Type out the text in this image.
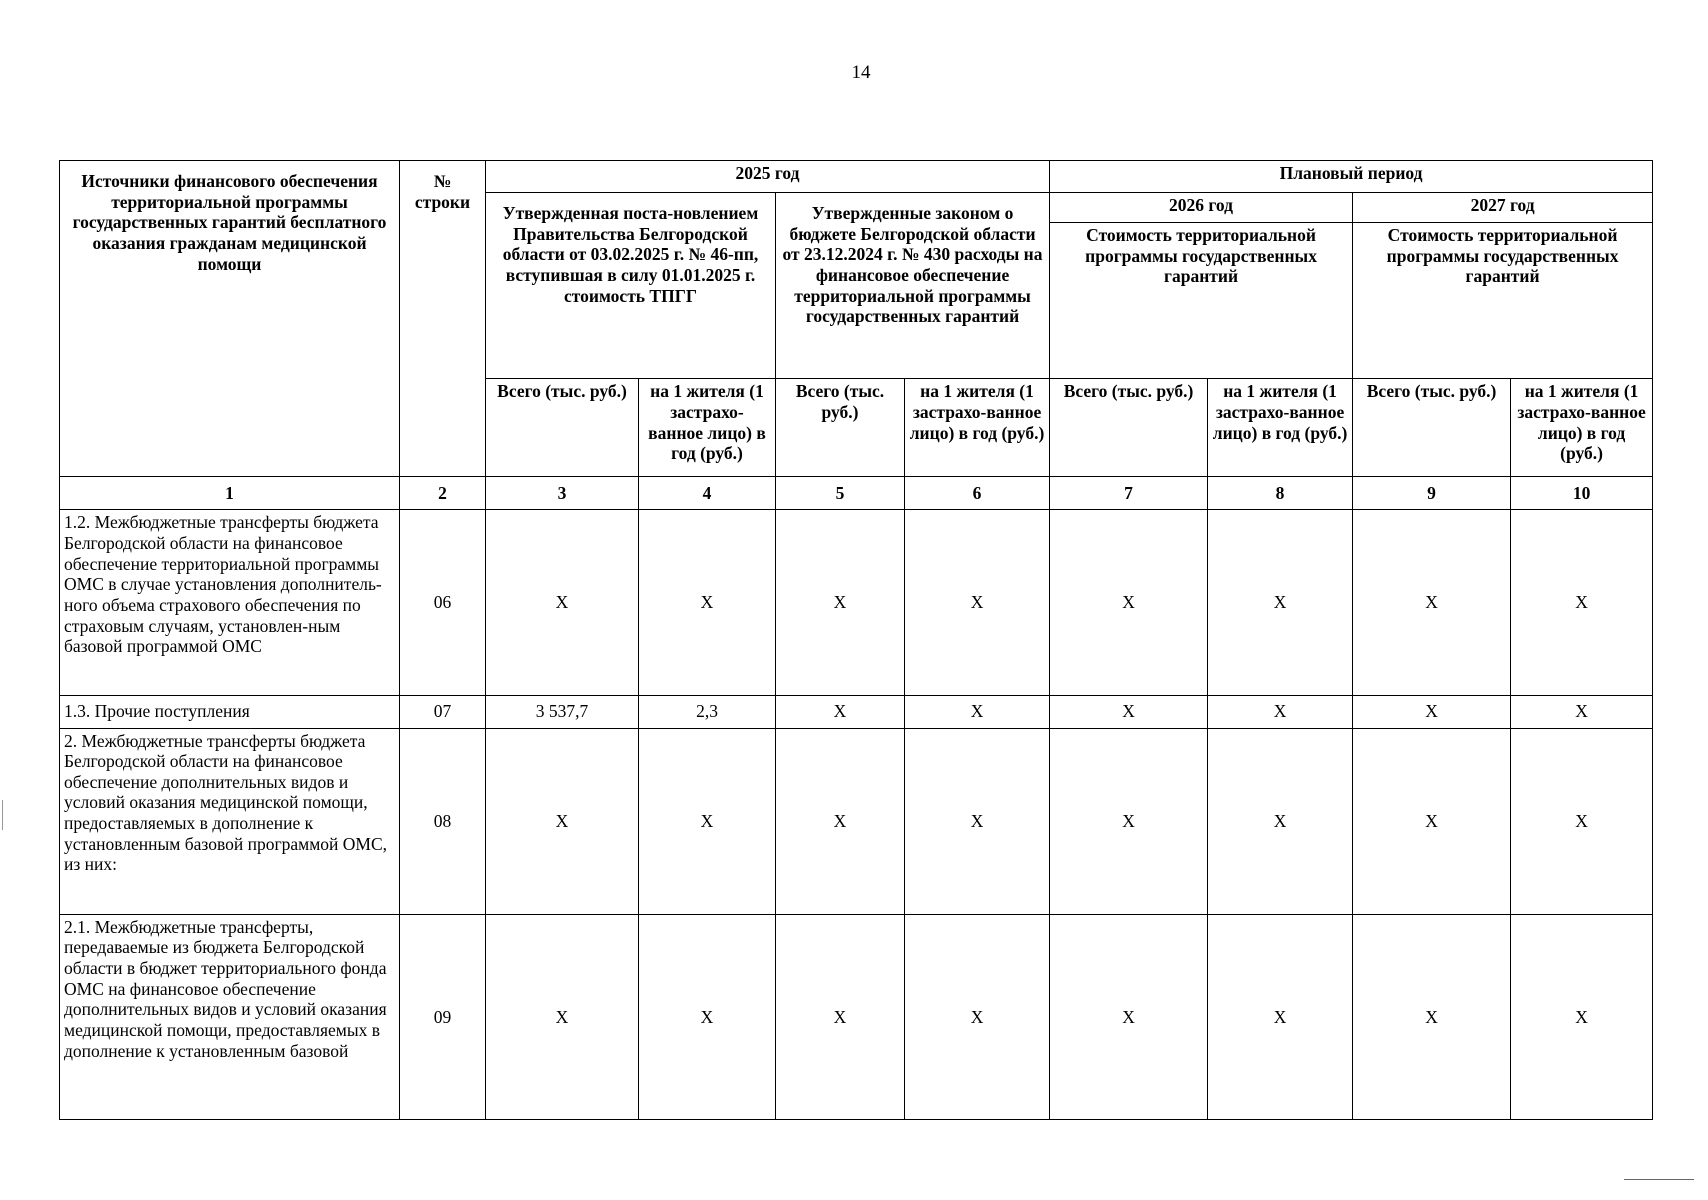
14
Источники финансового обеспечения территориальной программы государственных гарантий бесплатного оказания гражданам медицинской помощи	№ строки	2025 год				Плановый период			
		Утвержденная поста-новлением Правительства Белгородской области от 03.02.2025 г. № 46-пп, вступившая в силу 01.01.2025 г. стоимость ТПГГ		Утвержденные законом о бюджете Белгородской области от 23.12.2024 г. № 430 расходы на финансовое обеспечение территориальной программы государственных гарантий		2026 год		2027 год	
						Стоимость территориальной программы государственных гарантий		Стоимость территориальной программы государственных гарантий	
		Всего (тыс. руб.)	на 1 жителя (1 застрахо-ванное лицо) в год (руб.)	Всего (тыс. руб.)	на 1 жителя (1 застрахо-ванное лицо) в год (руб.)	Всего (тыс. руб.)	на 1 жителя (1 застрахо-ванное лицо) в год (руб.)	Всего (тыс. руб.)	на 1 жителя (1 застрахо-ванное лицо) в год (руб.)
1	2	3	4	5	6	7	8	9	10
1.2. Межбюджетные трансферты бюджета Белгородской области на финансовое обеспечение территориальной программы ОМС в случае установления дополнитель-ного объема страхового обеспечения по страховым случаям, установлен-ным базовой программой ОМС	06	Х	Х	Х	Х	Х	Х	Х	Х
1.3. Прочие поступления	07	3 537,7	2,3	Х	Х	Х	Х	Х	Х
2. Межбюджетные трансферты бюджета Белгородской области на финансовое обеспечение дополнительных видов и условий оказания медицинской помощи, предоставляемых в дополнение к установленным базовой программой ОМС, из них:	08	Х	Х	Х	Х	Х	Х	Х	Х
2.1. Межбюджетные трансферты, передаваемые из бюджета Белгородской области в бюджет территориального фонда ОМС на финансовое обеспечение дополнительных видов и условий оказания медицинской помощи, предоставляемых в дополнение к установленным базовой	09	Х	Х	Х	Х	Х	Х	Х	Х
